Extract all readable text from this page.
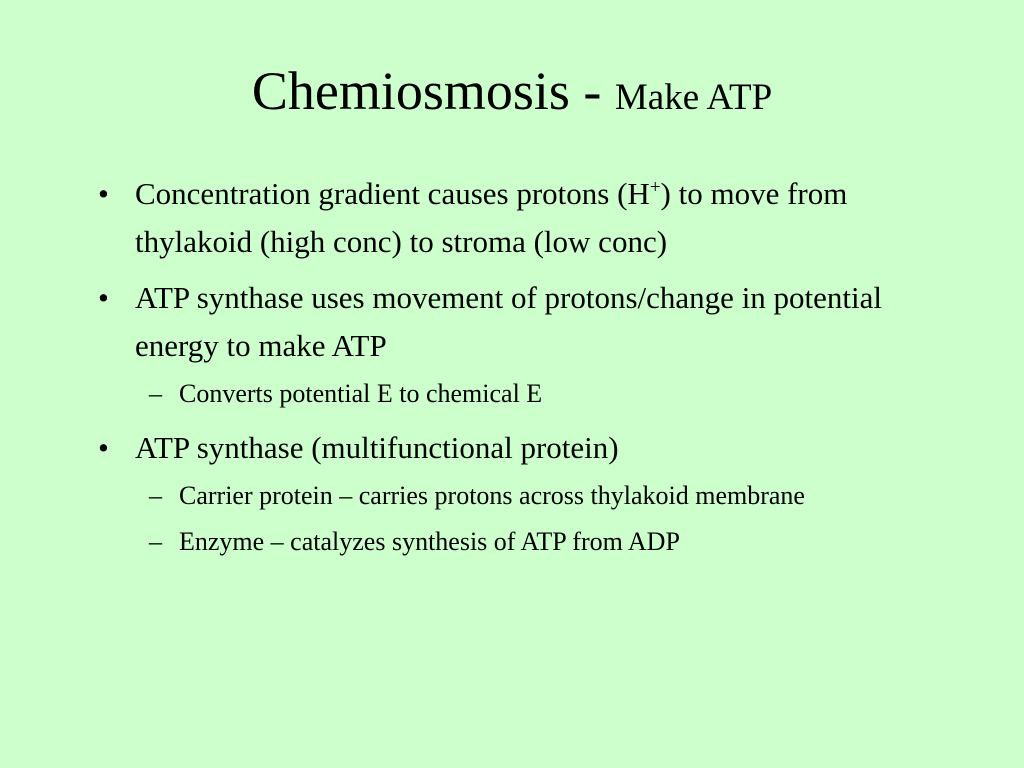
Chemiosmosis - Make ATP
• Concentration gradient causes protons (H+) to move from thylakoid (high conc) to stroma (low conc)
• ATP synthase uses movement of protons/change in potential energy to make ATP
– Converts potential E to chemical E
• ATP synthase (multifunctional protein)
– Carrier protein – carries protons across thylakoid membrane
– Enzyme – catalyzes synthesis of ATP from ADP
